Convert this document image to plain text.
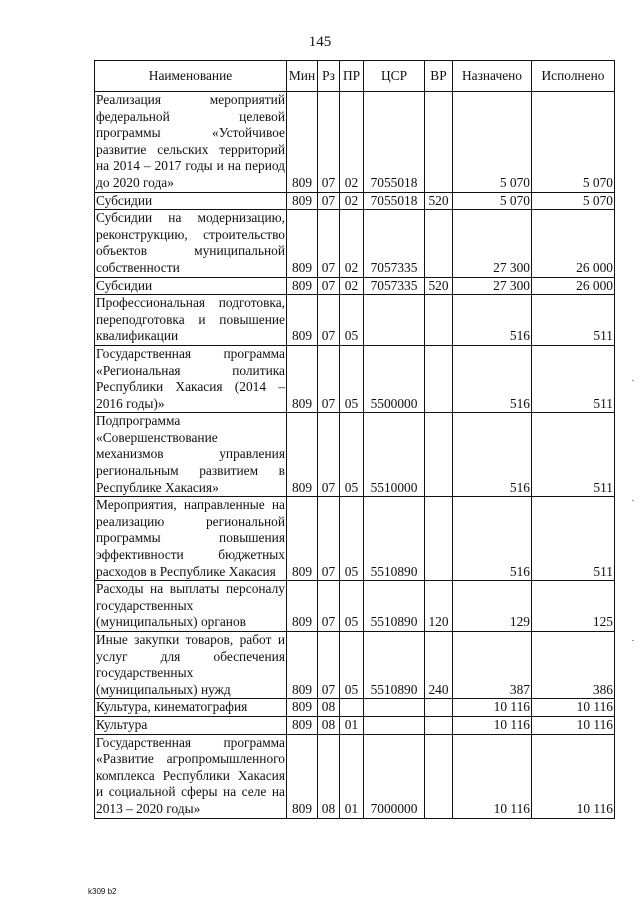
145
Наименование	Мин	Рз	ПР	ЦСР	ВР	Назначено	Исполнено
Реализация мероприятий федеральной целевой программы «Устойчивое развитие сельских территорий на 2014 – 2017 годы и на период до 2020 года»	809	07	02	7055018		5 070	5 070
Субсидии	809	07	02	7055018	520	5 070	5 070
Субсидии на модернизацию, реконструкцию, строительство объектов муниципальной собственности	809	07	02	7057335		27 300	26 000
Субсидии	809	07	02	7057335	520	27 300	26 000
Профессиональная подготовка, переподготовка и повышение квалификации	809	07	05			516	511
Государственная программа «Региональная политика Республики Хакасия (2014 – 2016 годы)»	809	07	05	5500000		516	511
Подпрограмма «Совершенствование механизмов управления региональным развитием в Республике Хакасия»	809	07	05	5510000		516	511
Мероприятия, направленные на реализацию региональной программы повышения эффективности бюджетных расходов в Республике Хакасия	809	07	05	5510890		516	511
Расходы на выплаты персоналу государственных (муниципальных) органов	809	07	05	5510890	120	129	125
Иные закупки товаров, работ и услуг для обеспечения государственных (муниципальных) нужд	809	07	05	5510890	240	387	386
Культура, кинематография	809	08				10 116	10 116
Культура	809	08	01			10 116	10 116
Государственная программа «Развитие агропромышленного комплекса Республики Хакасия и социальной сферы на селе на 2013 – 2020 годы»	809	08	01	7000000		10 116	10 116
k309 b2
